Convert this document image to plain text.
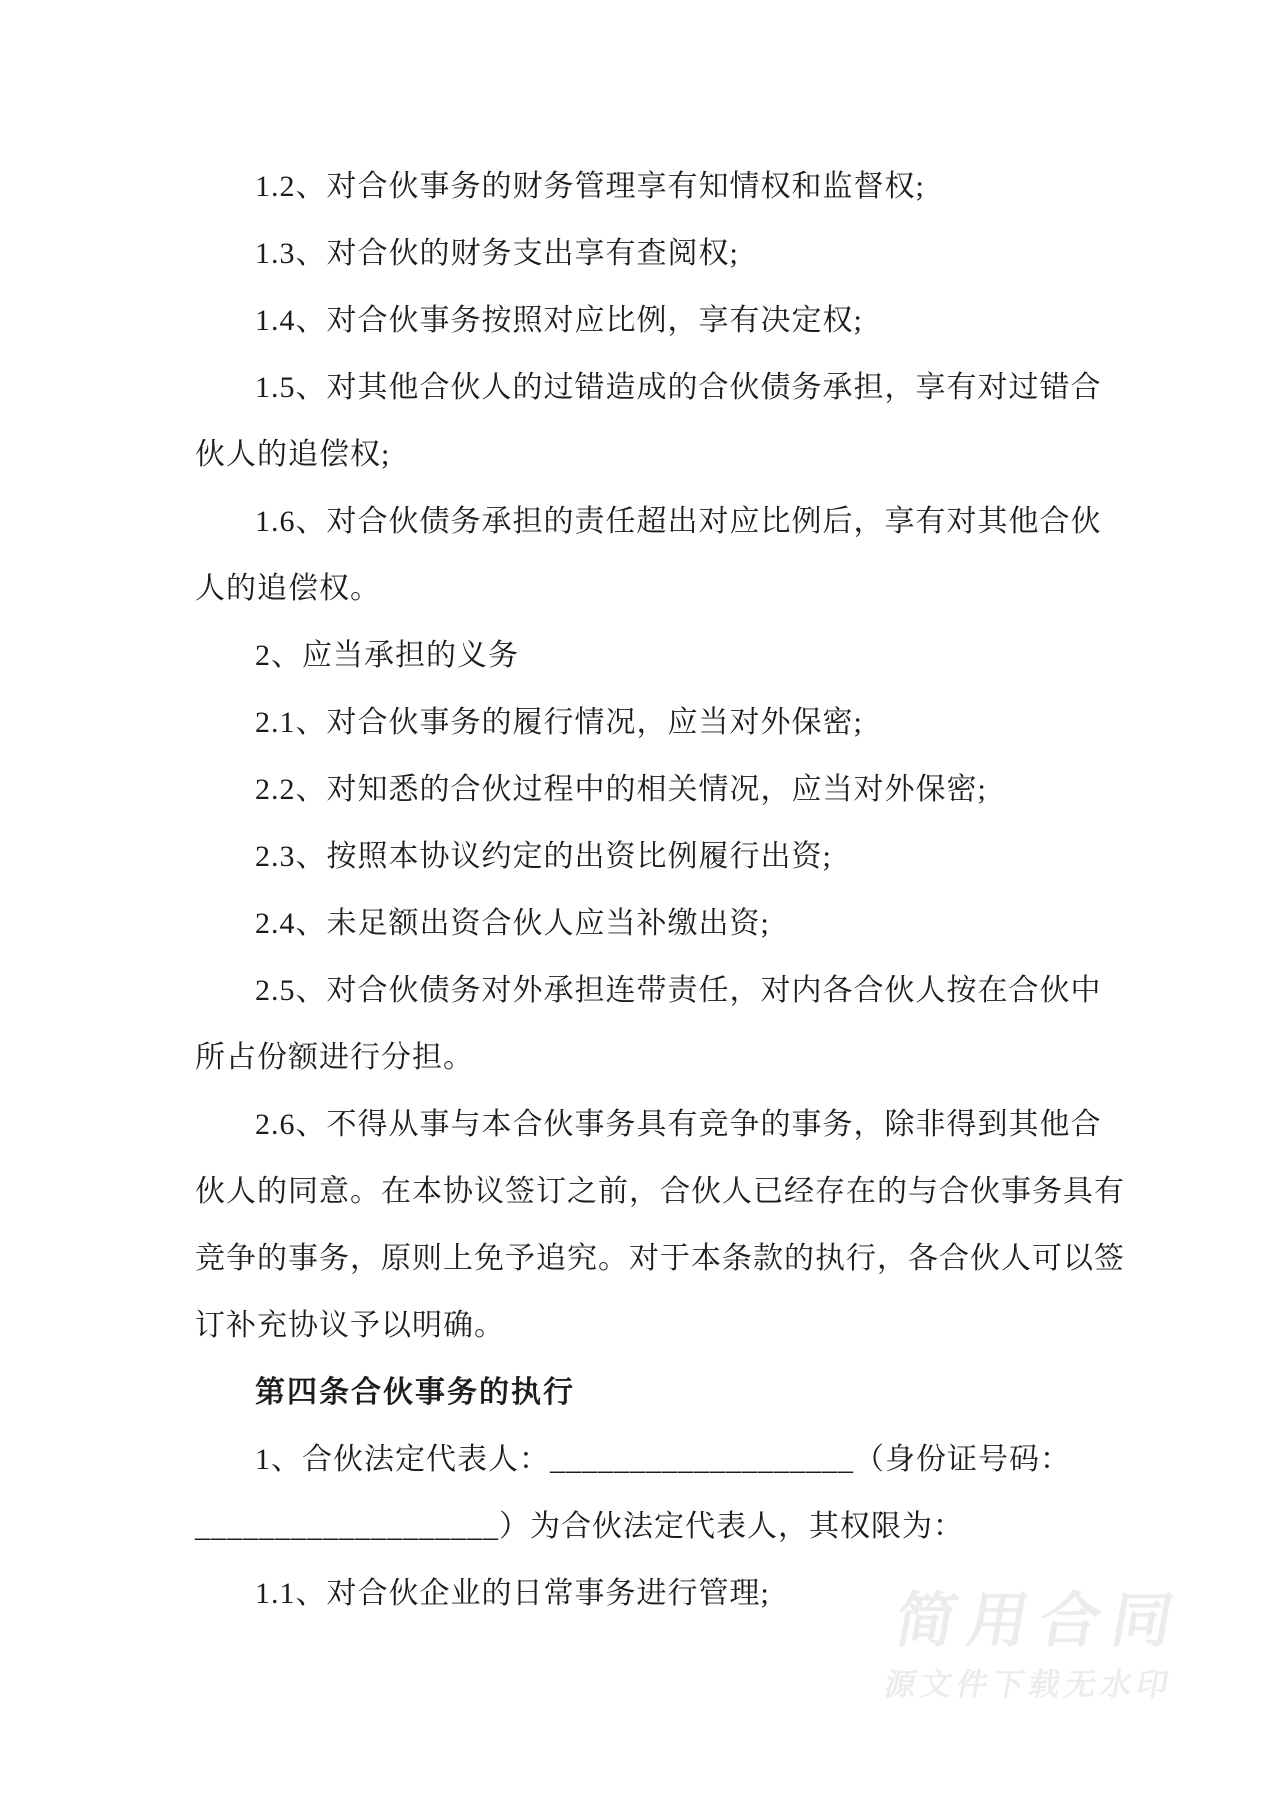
1.2、对合伙事务的财务管理享有知情权和监督权;
1.3、对合伙的财务支出享有查阅权;
1.4、对合伙事务按照对应比例，享有决定权;
1.5、对其他合伙人的过错造成的合伙债务承担，享有对过错合
伙人的追偿权;
1.6、对合伙债务承担的责任超出对应比例后，享有对其他合伙
人的追偿权。
2、应当承担的义务
2.1、对合伙事务的履行情况，应当对外保密;
2.2、对知悉的合伙过程中的相关情况，应当对外保密;
2.3、按照本协议约定的出资比例履行出资;
2.4、未足额出资合伙人应当补缴出资;
2.5、对合伙债务对外承担连带责任，对内各合伙人按在合伙中
所占份额进行分担。
2.6、不得从事与本合伙事务具有竞争的事务，除非得到其他合
伙人的同意。在本协议签订之前，合伙人已经存在的与合伙事务具有
竞争的事务，原则上免予追究。对于本条款的执行，各合伙人可以签
订补充协议予以明确。
第四条合伙事务的执行
1、合伙法定代表人：___________________（身份证号码：
___________________）为合伙法定代表人，其权限为：
1.1、对合伙企业的日常事务进行管理;	简用合同
源文件下载无水印
